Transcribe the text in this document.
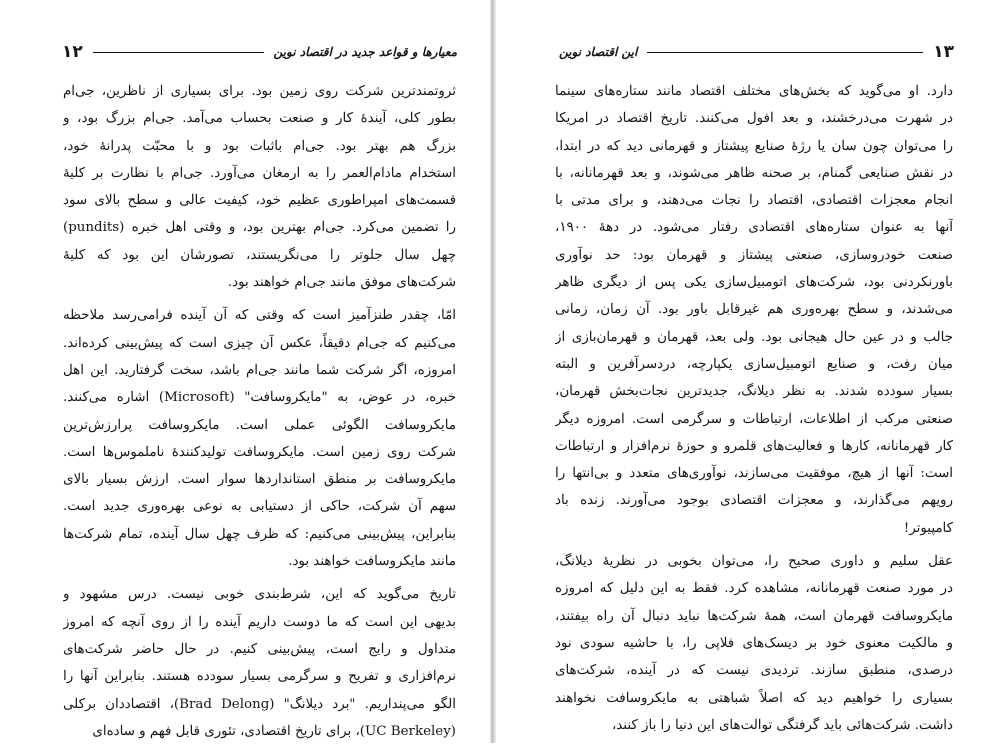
۱۲	معیارها و قواعد جدید در اقتصاد نوین
ثروتمندترین شرکت روی زمین بود. برای بسیاری از ناظرین، جی‌ام
بطور کلی، آیندهٔ کار و صنعت بحساب می‌آمد. جی‌ام بزرگ بود، و
بزرگ هم بهتر بود. جی‌ام باثبات بود و با محبّت پدرانهٔ خود،
استخدام مادام‌العمر را به ارمغان می‌آورد. جی‌ام با نظارت بر کلیهٔ
قسمت‌های امپراطوری عظیم خود، کیفیت عالی و سطح بالای سود
را تضمین می‌کرد. جی‌ام بهترین بود، و وقتی اهل خبره (pundits)
چهل سال جلوتر را می‌نگریستند، تصورشان این بود که کلیهٔ
شرکت‌های موفق مانند جی‌ام خواهند بود.
امّا، چقدر طنزآمیز است که وقتی که آن آینده فرامی‌رسد ملاحظه
می‌کنیم که جی‌ام دقیقاً، عکس آن چیزی است که پیش‌بینی کرده‌اند.
امروزه، اگر شرکت شما مانند جی‌ام باشد، سخت گرفتارید. این اهل
خبره، در عوض، به "مایکروسافت" (Microsoft) اشاره می‌کنند.
مایکروسافت الگوئی عملی است. مایکروسافت پرارزش‌ترین
شرکت روی زمین است. مایکروسافت تولیدکنندهٔ ناملموس‌ها است.
مایکروسافت بر منطق استانداردها سوار است. ارزش بسیار بالای
سهم آن شرکت، حاکی از دستیابی به نوعی بهره‌وری جدید است.
بنابراین، پیش‌بینی می‌کنیم: که ظرف چهل سال آینده، تمام شرکت‌ها
مانند مایکروسافت خواهند بود.
تاریخ می‌گوید که این، شرط‌بندی خوبی نیست. درس مشهود و
بدیهی این است که ما دوست داریم آینده را از روی آنچه که امروز
متداول و رایج است، پیش‌بینی کنیم. در حال حاضر شرکت‌های
نرم‌افزاری و تفریح و سرگرمی بسیار سودده هستند. بنابراین آنها را
الگو می‌پنداریم. "برد دیلانگ" (Brad Delong)، اقتصاددان برکلی
(UC Berkeley)، برای تاریخ اقتصادی، تئوری قابل فهم و ساده‌ای
این اقتصاد نوین	۱۳
دارد. او می‌گوید که بخش‌های مختلف اقتصاد مانند ستاره‌های سینما
در شهرت می‌درخشند، و بعد افول می‌کنند. تاریخ اقتصاد در امریکا
را می‌توان چون سان یا رژهٔ صنایع پیشتاز و قهرمانی دید که در ابتدا،
در نقش صنایعی گمنام، بر صحنه ظاهر می‌شوند، و بعد قهرمانانه، با
انجام معجزات اقتصادی، اقتصاد را نجات می‌دهند، و برای مدتی با
آنها به عنوان ستاره‌های اقتصادی رفتار می‌شود. در دههٔ ۱۹۰۰،
صنعت خودروسازی، صنعتی پیشتاز و قهرمان بود: حد نوآوری
باورنکردنی بود، شرکت‌های اتومبیل‌سازی یکی پس از دیگری ظاهر
می‌شدند، و سطح بهره‌وری هم غیرقابل باور بود. آن زمان، زمانی
جالب و در عین حال هیجانی بود. ولی بعد، قهرمان و قهرمان‌بازی از
میان رفت، و صنایع اتومبیل‌سازی یکپارچه، دردسرآفرین و البته
بسیار سودده شدند. به نظر دیلانگ، جدیدترین نجات‌بخش قهرمان،
صنعتی مرکب از اطلاعات، ارتباطات و سرگرمی است. امروزه دیگر
کار قهرمانانه، کارها و فعالیت‌های قلمرو و حوزهٔ نرم‌افزار و ارتباطات
است: آنها از هیچ، موفقیت می‌سازند، نوآوری‌های متعدد و بی‌انتها را
رویهم می‌گذارند، و معجزات اقتصادی بوجود می‌آورند. زنده باد
کامپیوتر!
عقل سلیم و داوری صحیح را، می‌توان بخوبی در نظریهٔ دیلانگ،
در مورد صنعت قهرمانانه، مشاهده کرد. فقط به این دلیل که امروزه
مایکروسافت قهرمان است، همهٔ شرکت‌ها نباید دنبال آن راه بیفتند،
و مالکیت معنوی خود بر دیسک‌های فلاپی را، با حاشیه سودی نود
درصدی، منطبق سازند. تردیدی نیست که در آینده، شرکت‌های
بسیاری را خواهیم دید که اصلاً شباهتی به مایکروسافت نخواهند
داشت. شرکت‌هائی باید گرفتگی توالت‌های این دنیا را باز کنند،
